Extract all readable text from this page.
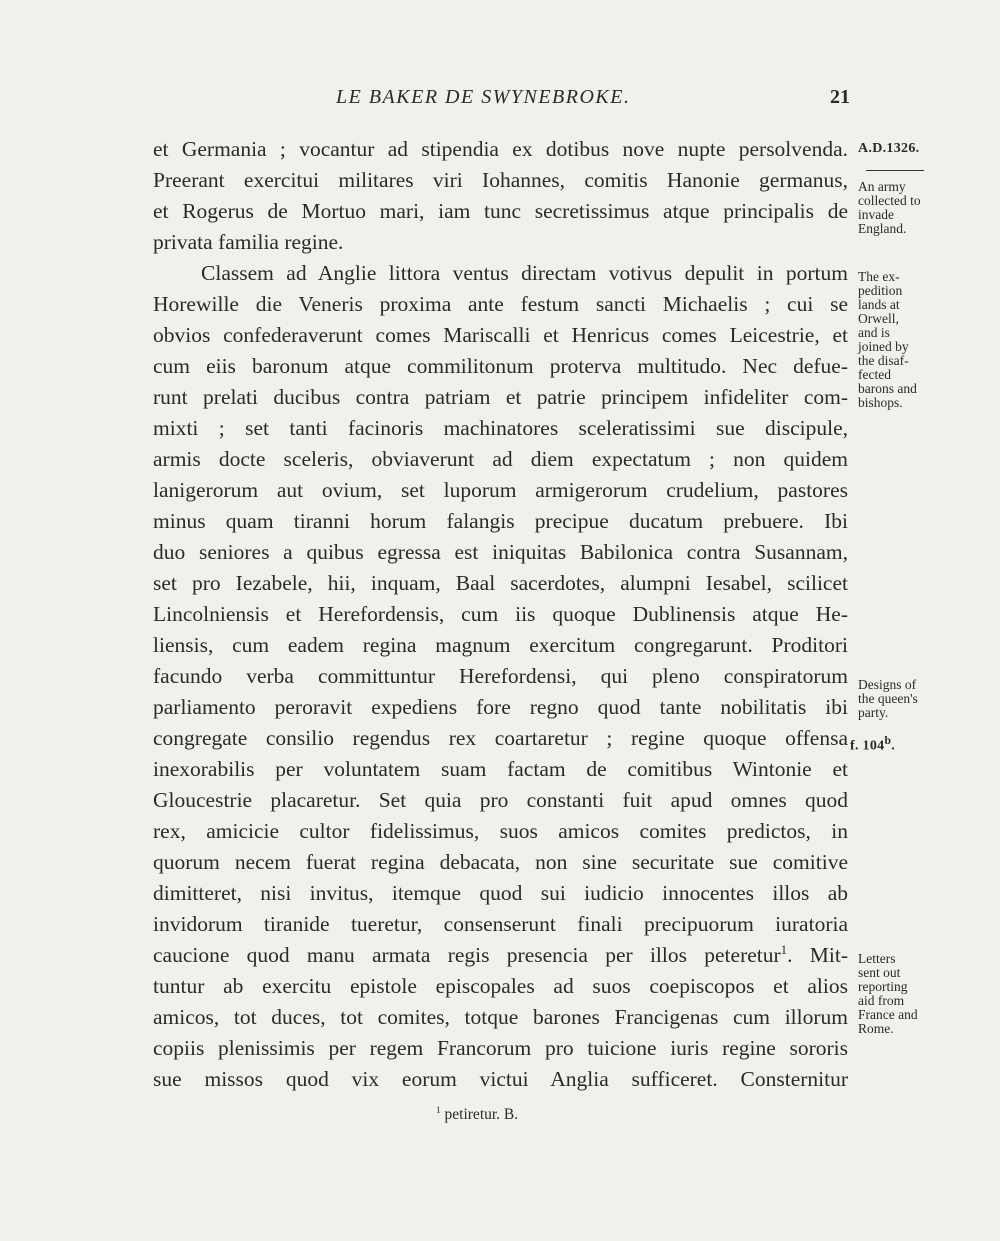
LE BAKER DE SWYNEBROKE.	21
et Germania ; vocantur ad stipendia ex dotibus nove nupte persolvenda.
Preerant exercitui militares viri Iohannes, comitis Hanonie germanus,
et Rogerus de Mortuo mari, iam tunc secretissimus atque principalis de
privata familia regine.
Classem ad Anglie littora ventus directam votivus depulit in portum
Horewille die Veneris proxima ante festum sancti Michaelis ; cui se
obvios confederaverunt comes Mariscalli et Henricus comes Leicestrie, et
cum eiis baronum atque commilitonum proterva multitudo. Nec defue-
runt prelati ducibus contra patriam et patrie principem infideliter com-
mixti ; set tanti facinoris machinatores sceleratissimi sue discipule,
armis docte sceleris, obviaverunt ad diem expectatum ; non quidem
lanigerorum aut ovium, set luporum armigerorum crudelium, pastores
minus quam tiranni horum falangis precipue ducatum prebuere. Ibi
duo seniores a quibus egressa est iniquitas Babilonica contra Susannam,
set pro Iezabele, hii, inquam, Baal sacerdotes, alumpni Iesabel, scilicet
Lincolniensis et Herefordensis, cum iis quoque Dublinensis atque He-
liensis, cum eadem regina magnum exercitum congregarunt. Proditori
facundo verba committuntur Herefordensi, qui pleno conspiratorum
parliamento peroravit expediens fore regno quod tante nobilitatis ibi
congregate consilio regendus rex coartaretur ; regine quoque offensa
inexorabilis per voluntatem suam factam de comitibus Wintonie et
Gloucestrie placaretur. Set quia pro constanti fuit apud omnes quod
rex, amicicie cultor fidelissimus, suos amicos comites predictos, in
quorum necem fuerat regina debacata, non sine securitate sue comitive
dimitteret, nisi invitus, itemque quod sui iudicio innocentes illos ab
invidorum tiranide tueretur, consenserunt finali precipuorum iuratoria
caucione quod manu armata regis presencia per illos peteretur$^1$. Mit-
tuntur ab exercitu epistole episcopales ad suos coepiscopos et alios
amicos, tot duces, tot comites, totque barones Francigenas cum illorum
copiis plenissimis per regem Francorum pro tuicione iuris regine sororis
sue missos quod vix eorum victui Anglia sufficeret. Consternitur
A.D.1326.
An army
collected to
invade
England.
The ex-
pedition
lands at
Orwell,
and is
joined by
the disaf-
fected
barons and
bishops.
Designs of
the queen's
party.
f. 104$^b$.
Letters
sent out
reporting
aid from
France and
Rome.
$^1$ petiretur. B.
